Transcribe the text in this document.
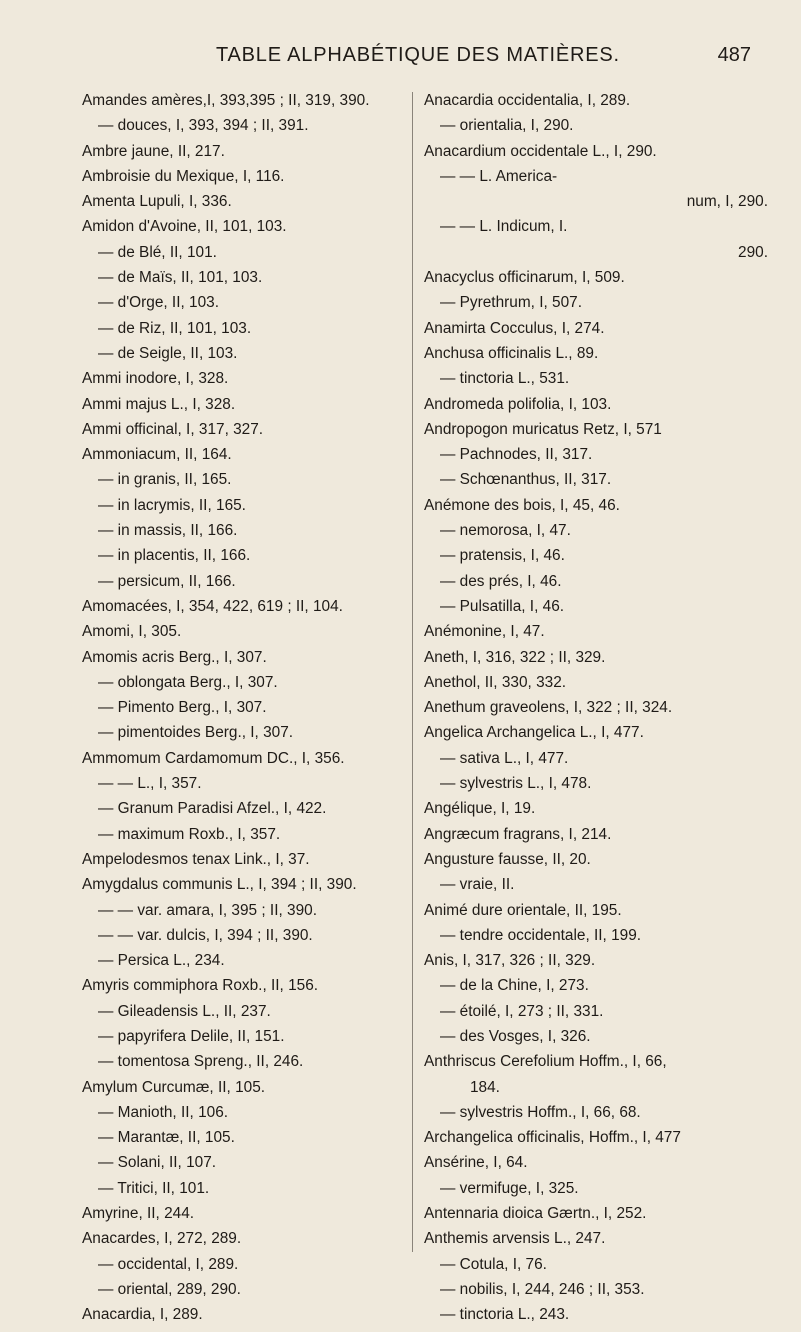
TABLE ALPHABÉTIQUE DES MATIÈRES.	487
Amandes amères,I, 393,395 ; II, 319, 390.
— douces, I, 393, 394 ; II, 391.
Ambre jaune, II, 217.
Ambroisie du Mexique, I, 116.
Amenta Lupuli, I, 336.
Amidon d'Avoine, II, 101, 103.
— de Blé, II, 101.
— de Maïs, II, 101, 103.
— d'Orge, II, 103.
— de Riz, II, 101, 103.
— de Seigle, II, 103.
Ammi inodore, I, 328.
Ammi majus L., I, 328.
Ammi officinal, I, 317, 327.
Ammoniacum, II, 164.
— in granis, II, 165.
— in lacrymis, II, 165.
— in massis, II, 166.
— in placentis, II, 166.
— persicum, II, 166.
Amomacées, I, 354, 422, 619 ; II, 104.
Amomi, I, 305.
Amomis acris Berg., I, 307.
— oblongata Berg., I, 307.
— Pimento Berg., I, 307.
— pimentoides Berg., I, 307.
Ammomum Cardamomum DC., I, 356.
— — L., I, 357.
— Granum Paradisi Afzel., I, 422.
— maximum Roxb., I, 357.
Ampelodesmos tenax Link., I, 37.
Amygdalus communis L., I, 394 ; II, 390.
— — var. amara, I, 395 ; II, 390.
— — var. dulcis, I, 394 ; II, 390.
— Persica L., 234.
Amyris commiphora Roxb., II, 156.
— Gileadensis L., II, 237.
— papyrifera Delile, II, 151.
— tomentosa Spreng., II, 246.
Amylum Curcumæ, II, 105.
— Manioth, II, 106.
— Marantæ, II, 105.
— Solani, II, 107.
— Tritici, II, 101.
Amyrine, II, 244.
Anacardes, I, 272, 289.
— occidental, I, 289.
— oriental, 289, 290.
Anacardia, I, 289.
Anacardia occidentalia, I, 289.
— orientalia, I, 290.
Anacardium occidentale L., I, 290.
— — L. America-
num, I, 290.
— — L. Indicum, I.
290.
Anacyclus officinarum, I, 509.
— Pyrethrum, I, 507.
Anamirta Cocculus, I, 274.
Anchusa officinalis L., 89.
— tinctoria L., 531.
Andromeda polifolia, I, 103.
Andropogon muricatus Retz, I, 571
— Pachnodes, II, 317.
— Schœnanthus, II, 317.
Anémone des bois, I, 45, 46.
— nemorosa, I, 47.
— pratensis, I, 46.
— des prés, I, 46.
— Pulsatilla, I, 46.
Anémonine, I, 47.
Aneth, I, 316, 322 ; II, 329.
Anethol, II, 330, 332.
Anethum graveolens, I, 322 ; II, 324.
Angelica Archangelica L., I, 477.
— sativa L., I, 477.
— sylvestris L., I, 478.
Angélique, I, 19.
Angræcum fragrans, I, 214.
Angusture fausse, II, 20.
— vraie, II.
Animé dure orientale, II, 195.
— tendre occidentale, II, 199.
Anis, I, 317, 326 ; II, 329.
— de la Chine, I, 273.
— étoilé, I, 273 ; II, 331.
— des Vosges, I, 326.
Anthriscus Cerefolium Hoffm., I, 66,
184.
— sylvestris Hoffm., I, 66, 68.
Archangelica officinalis, Hoffm., I, 477
Ansérine, I, 64.
— vermifuge, I, 325.
Antennaria dioica Gærtn., I, 252.
Anthemis arvensis L., 247.
— Cotula, I, 76.
— nobilis, I, 244, 246 ; II, 353.
— tinctoria L., 243.
